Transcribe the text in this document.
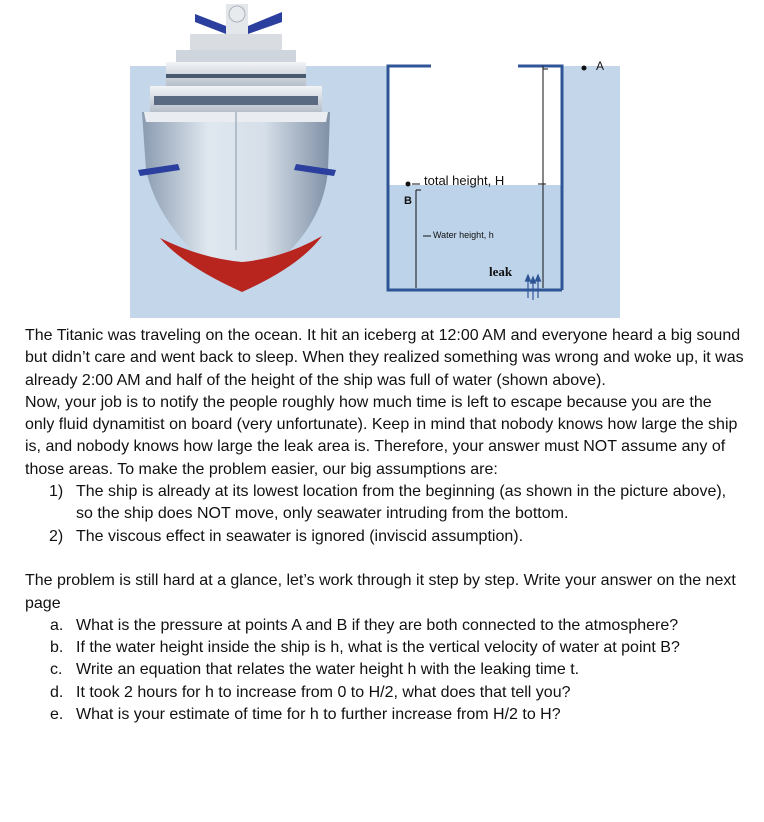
A
total height, H
B
Water height, h
leak

The Titanic was traveling on the ocean. It hit an iceberg at 12:00 AM and everyone heard a big sound but didn’t care and went back to sleep. When they realized something was wrong and woke up, it was already 2:00 AM and half of the height of the ship was full of water (shown above).

Now, your job is to notify the people roughly how much time is left to escape because you are the only fluid dynamitist on board (very unfortunate). Keep in mind that nobody knows how large the ship is, and nobody knows how large the leak area is. Therefore, your answer must NOT assume any of those areas. To make the problem easier, our big assumptions are:

1) The ship is already at its lowest location from the beginning (as shown in the picture above), so the ship does NOT move, only seawater intruding from the bottom.
2) The viscous effect in seawater is ignored (inviscid assumption).

The problem is still hard at a glance, let’s work through it step by step. Write your answer on the next page

a. What is the pressure at points A and B if they are both connected to the atmosphere?
b. If the water height inside the ship is h, what is the vertical velocity of water at point B?
c. Write an equation that relates the water height h with the leaking time t.
d. It took 2 hours for h to increase from 0 to H/2, what does that tell you?
e. What is your estimate of time for h to further increase from H/2 to H?
